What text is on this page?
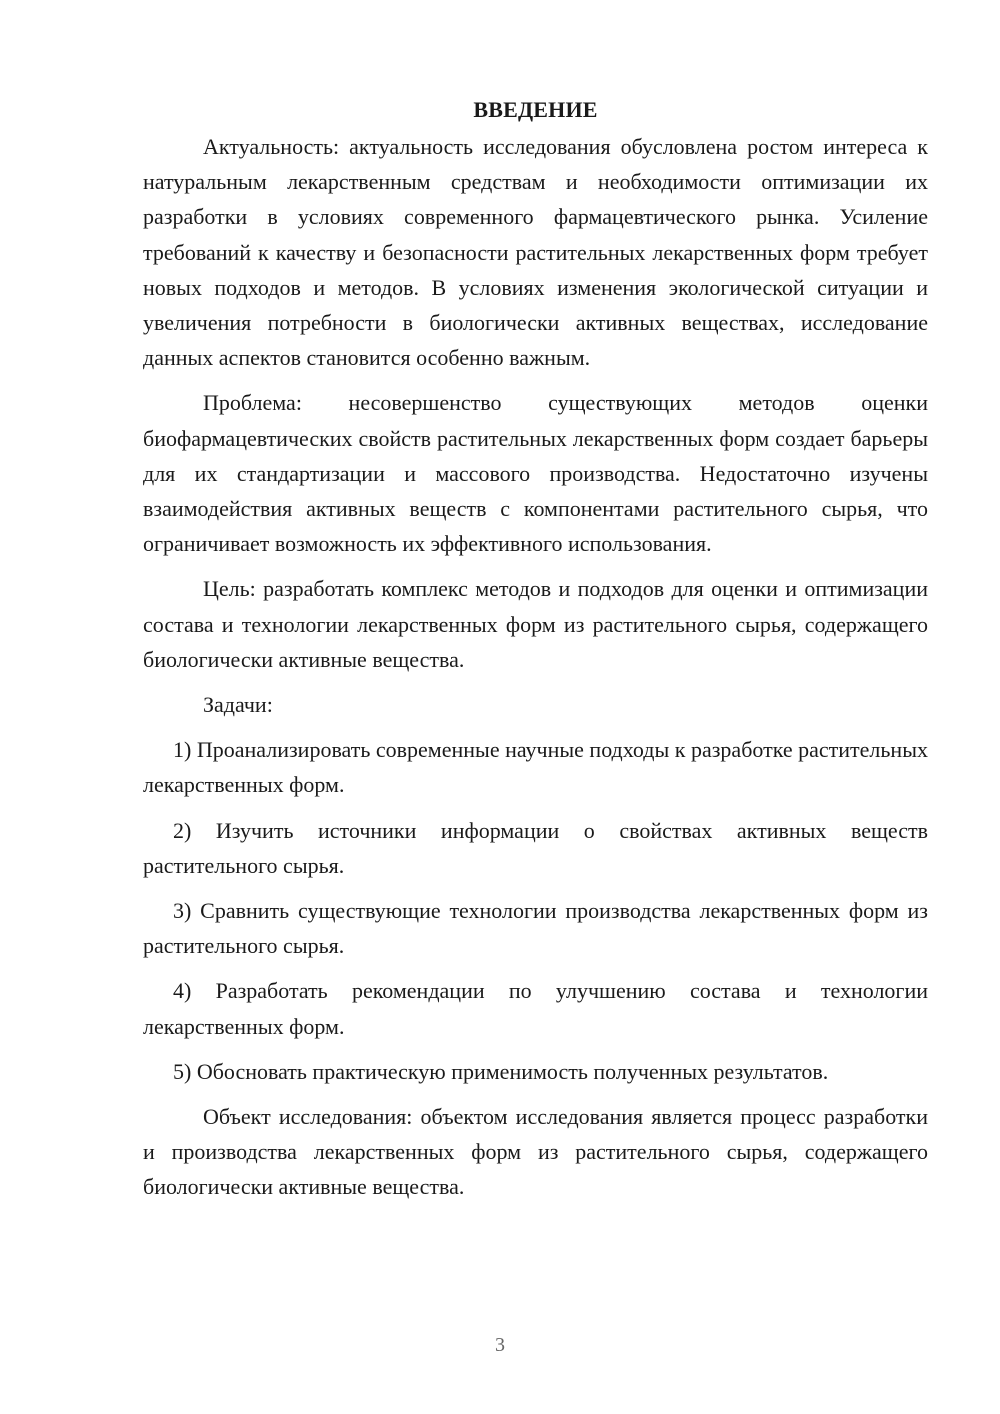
ВВЕДЕНИЕ

Актуальность: актуальность исследования обусловлена ростом интереса к натуральным лекарственным средствам и необходимости оптимизации их разработки в условиях современного фармацевтического рынка. Усиление требований к качеству и безопасности растительных лекарственных форм требует новых подходов и методов. В условиях изменения экологической ситуации и увеличения потребности в биологически активных веществах, исследование данных аспектов становится особенно важным.

Проблема: несовершенство существующих методов оценки биофармацевтических свойств растительных лекарственных форм создает барьеры для их стандартизации и массового производства. Недостаточно изучены взаимодействия активных веществ с компонентами растительного сырья, что ограничивает возможность их эффективного использования.

Цель: разработать комплекс методов и подходов для оценки и оптимизации состава и технологии лекарственных форм из растительного сырья, содержащего биологически активные вещества.

Задачи:

1) Проанализировать современные научные подходы к разработке растительных лекарственных форм.

2) Изучить источники информации о свойствах активных веществ растительного сырья.

3) Сравнить существующие технологии производства лекарственных форм из растительного сырья.

4) Разработать рекомендации по улучшению состава и технологии лекарственных форм.

5) Обосновать практическую применимость полученных результатов.

Объект исследования: объектом исследования является процесс разработки и производства лекарственных форм из растительного сырья, содержащего биологически активные вещества.

3
